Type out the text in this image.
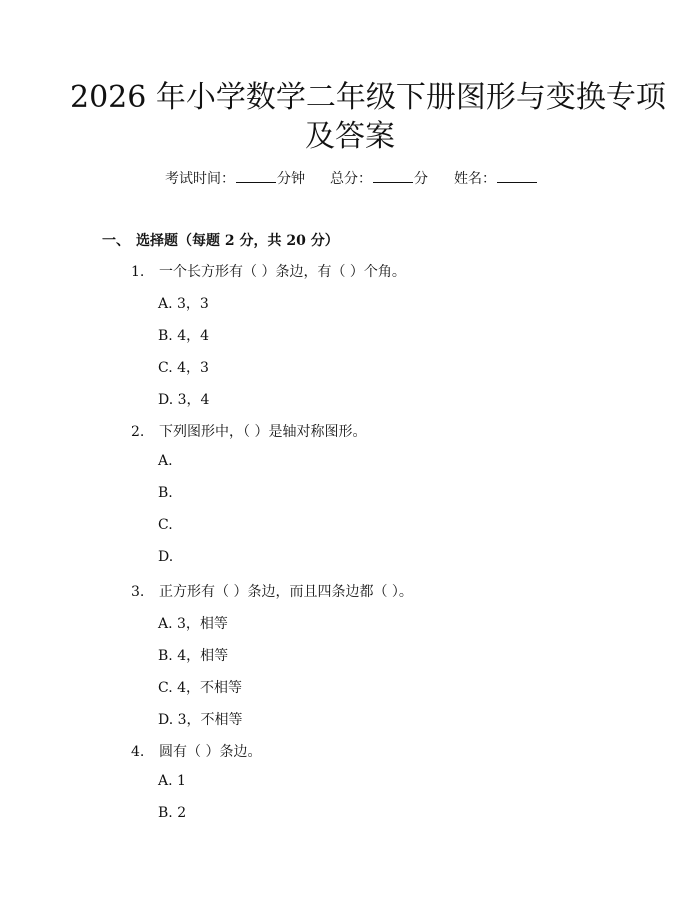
2026 年小学数学二年级下册图形与变换专项
及答案
考试时间：	分钟 总分：	分 姓名：
一、 选择题（每题 2 分，共 20 分）
1. 一个长方形有（ ）条边，有（ ）个角。
A. 3，3
B. 4，4
C. 4，3
D. 3，4
2. 下列图形中，（ ）是轴对称图形。
A.
B.
C.
D.
3. 正方形有（ ）条边，而且四条边都（ ）。
A. 3，相等
B. 4，相等
C. 4，不相等
D. 3，不相等
4. 圆有（ ）条边。
A. 1
B. 2
